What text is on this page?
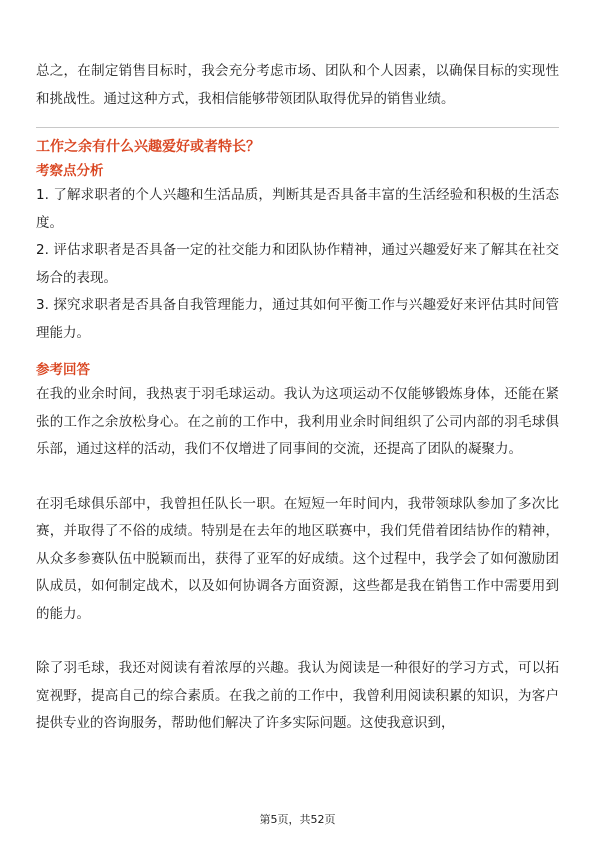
总之，在制定销售目标时，我会充分考虑市场、团队和个人因素，以确保目标的实现性和挑战性。通过这种方式，我相信能够带领团队取得优异的销售业绩。

工作之余有什么兴趣爱好或者特长？
考察点分析

1. 了解求职者的个人兴趣和生活品质，判断其是否具备丰富的生活经验和积极的生活态度。

2. 评估求职者是否具备一定的社交能力和团队协作精神，通过兴趣爱好来了解其在社交场合的表现。

3. 探究求职者是否具备自我管理能力，通过其如何平衡工作与兴趣爱好来评估其时间管理能力。

参考回答

在我的业余时间，我热衷于羽毛球运动。我认为这项运动不仅能够锻炼身体，还能在紧张的工作之余放松身心。在之前的工作中，我利用业余时间组织了公司内部的羽毛球俱乐部，通过这样的活动，我们不仅增进了同事间的交流，还提高了团队的凝聚力。

在羽毛球俱乐部中，我曾担任队长一职。在短短一年时间内，我带领球队参加了多次比赛，并取得了不俗的成绩。特别是在去年的地区联赛中，我们凭借着团结协作的精神，从众多参赛队伍中脱颖而出，获得了亚军的好成绩。这个过程中，我学会了如何激励团队成员，如何制定战术，以及如何协调各方面资源，这些都是我在销售工作中需要用到的能力。

除了羽毛球，我还对阅读有着浓厚的兴趣。我认为阅读是一种很好的学习方式，可以拓宽视野，提高自己的综合素质。在我之前的工作中，我曾利用阅读积累的知识，为客户提供专业的咨询服务，帮助他们解决了许多实际问题。这使我意识到，

第5页，共52页
